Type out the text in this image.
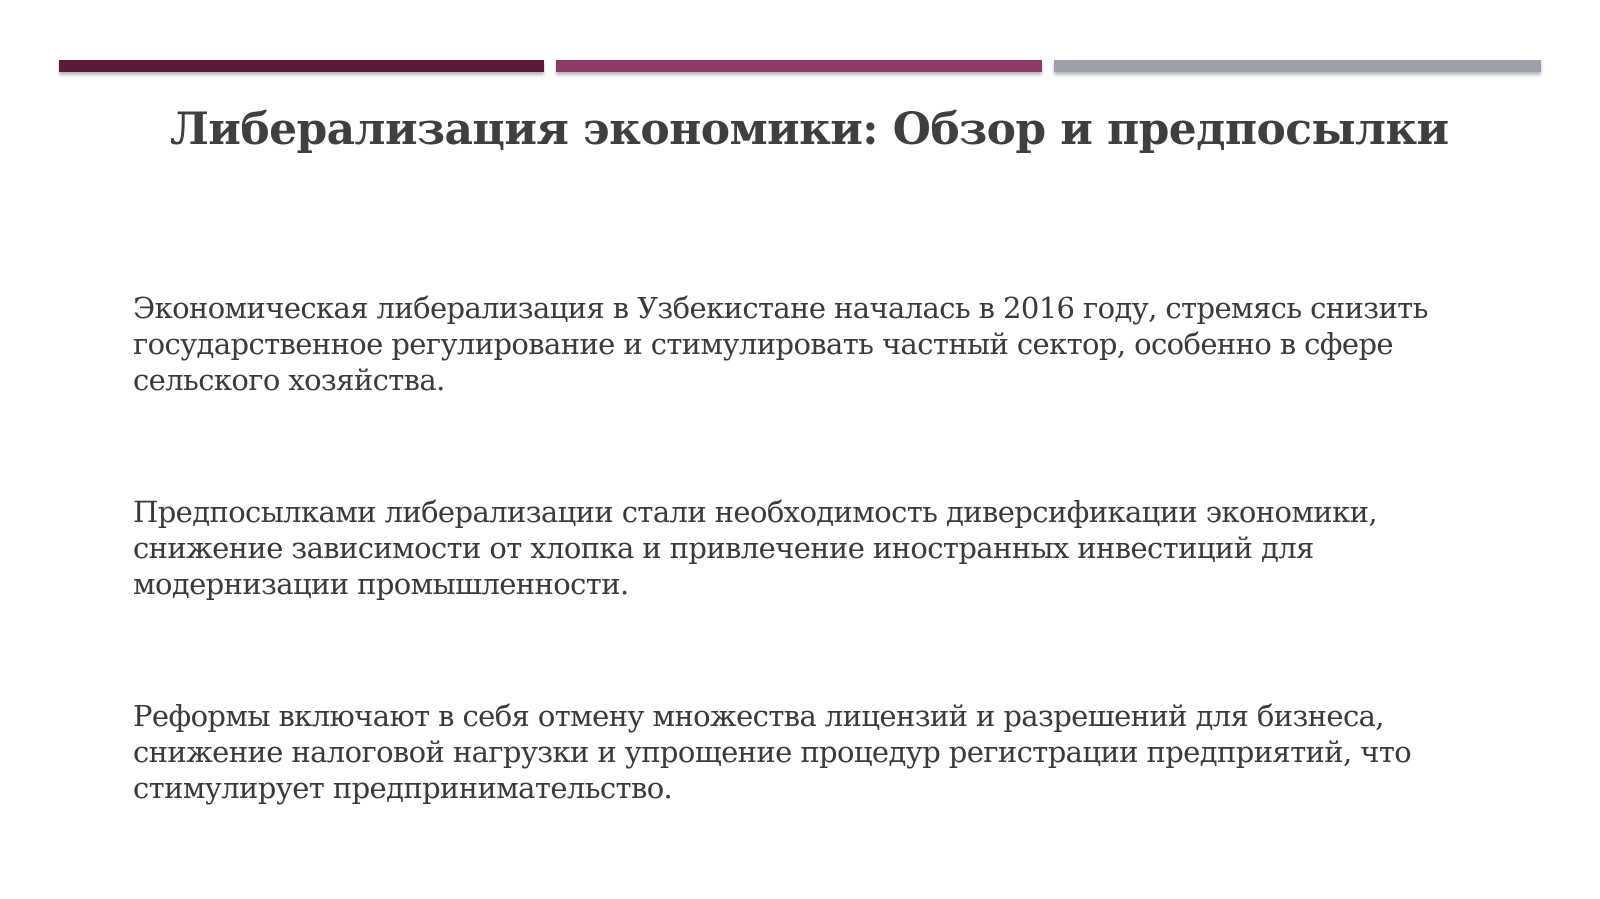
Либерализация экономики: Обзор и предпосылки

Экономическая либерализация в Узбекистане началась в 2016 году, стремясь снизить государственное регулирование и стимулировать частный сектор, особенно в сфере сельского хозяйства.

Предпосылками либерализации стали необходимость диверсификации экономики, снижение зависимости от хлопка и привлечение иностранных инвестиций для модернизации промышленности.

Реформы включают в себя отмену множества лицензий и разрешений для бизнеса, снижение налоговой нагрузки и упрощение процедур регистрации предприятий, что стимулирует предпринимательство.
